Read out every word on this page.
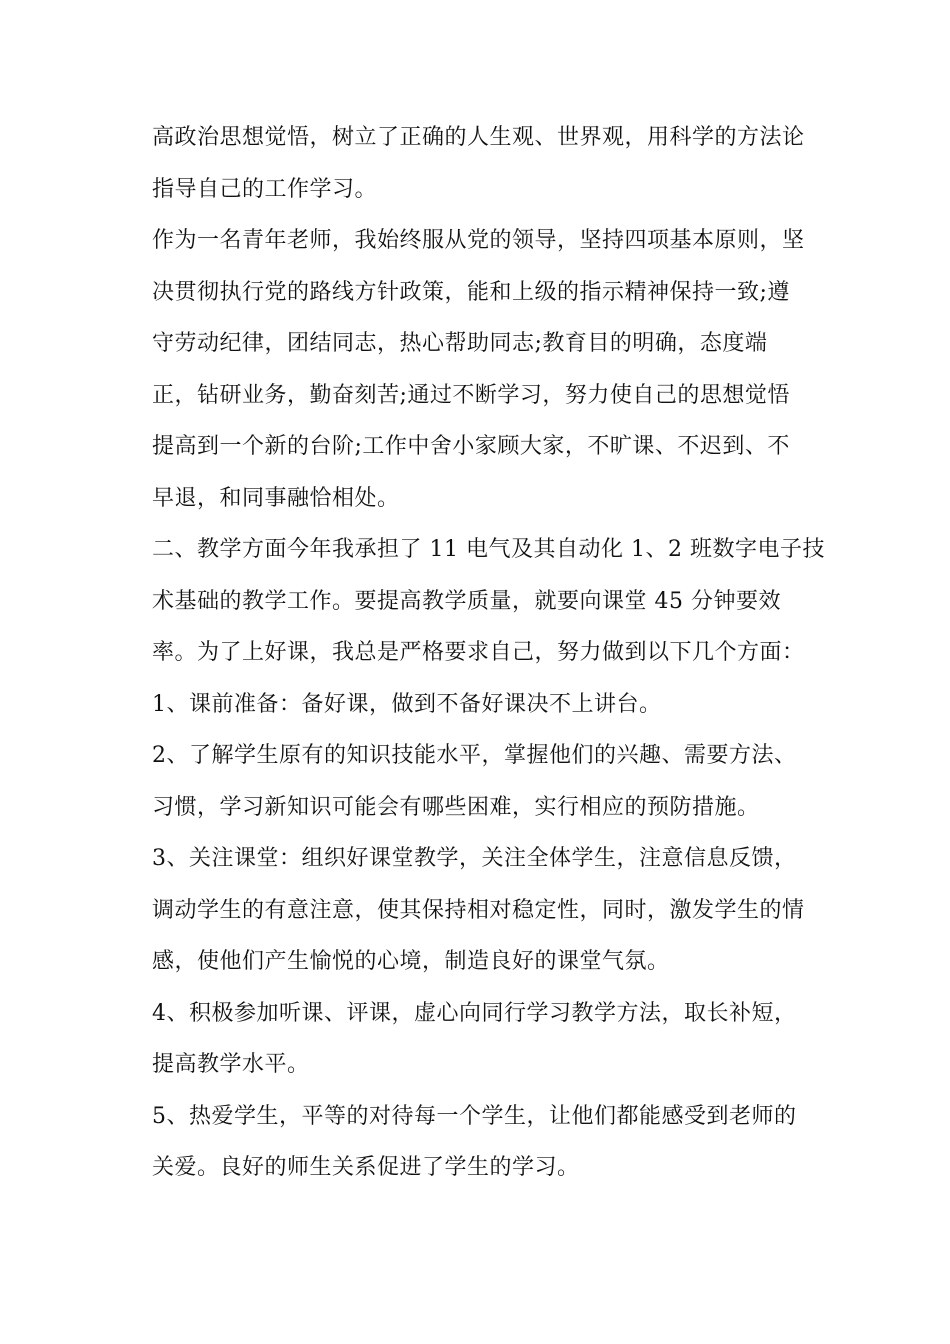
高政治思想觉悟，树立了正确的人生观、世界观，用科学的方法论
指导自己的工作学习。
作为一名青年老师，我始终服从党的领导，坚持四项基本原则，坚
决贯彻执行党的路线方针政策，能和上级的指示精神保持一致;遵
守劳动纪律，团结同志，热心帮助同志;教育目的明确，态度端
正，钻研业务，勤奋刻苦;通过不断学习，努力使自己的思想觉悟
提高到一个新的台阶;工作中舍小家顾大家，不旷课、不迟到、不
早退，和同事融恰相处。
二、教学方面今年我承担了 11 电气及其自动化 1、2 班数字电子技
术基础的教学工作。要提高教学质量，就要向课堂 45 分钟要效
率。为了上好课，我总是严格要求自己，努力做到以下几个方面：
1、课前准备：备好课，做到不备好课决不上讲台。
2、了解学生原有的知识技能水平，掌握他们的兴趣、需要方法、
习惯，学习新知识可能会有哪些困难，实行相应的预防措施。
3、关注课堂：组织好课堂教学，关注全体学生，注意信息反馈，
调动学生的有意注意，使其保持相对稳定性，同时，激发学生的情
感，使他们产生愉悦的心境，制造良好的课堂气氛。
4、积极参加听课、评课，虚心向同行学习教学方法，取长补短，
提高教学水平。
5、热爱学生，平等的对待每一个学生，让他们都能感受到老师的
关爱。良好的师生关系促进了学生的学习。
